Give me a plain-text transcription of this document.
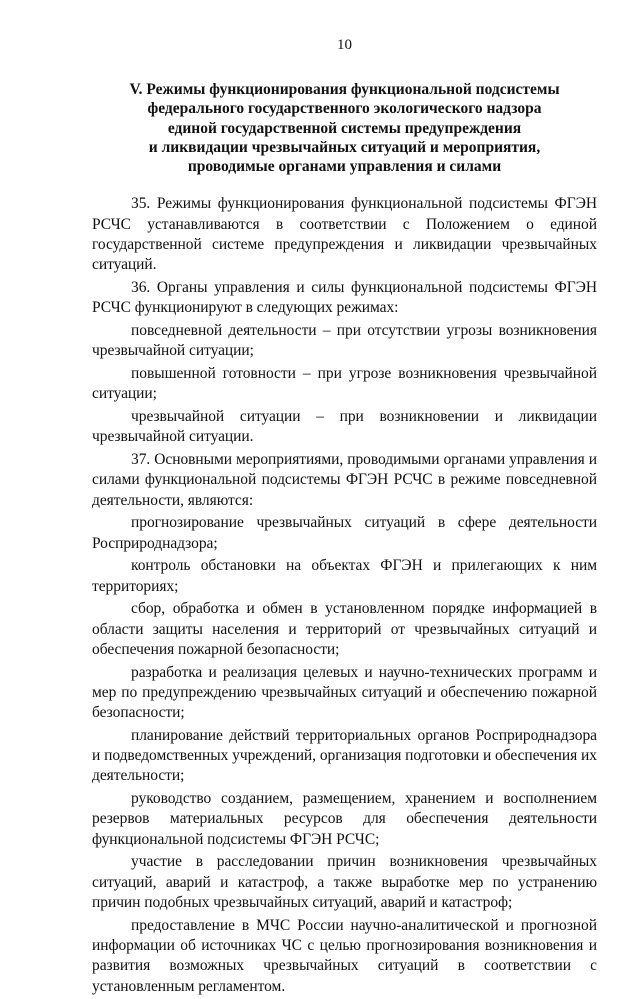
10
V. Режимы функционирования функциональной подсистемы
федерального государственного экологического надзора
единой государственной системы предупреждения
и ликвидации чрезвычайных ситуаций и мероприятия,
проводимые органами управления и силами

35. Режимы функционирования функциональной подсистемы ФГЭН РСЧС устанавливаются в соответствии с Положением о единой государственной системе предупреждения и ликвидации чрезвычайных ситуаций.

36. Органы управления и силы функциональной подсистемы ФГЭН РСЧС функционируют в следующих режимах:

повседневной деятельности – при отсутствии угрозы возникновения чрезвычайной ситуации;

повышенной готовности – при угрозе возникновения чрезвычайной ситуации;

чрезвычайной ситуации – при возникновении и ликвидации чрезвычайной ситуации.

37. Основными мероприятиями, проводимыми органами управления и силами функциональной подсистемы ФГЭН РСЧС в режиме повседневной деятельности, являются:

прогнозирование чрезвычайных ситуаций в сфере деятельности Росприроднадзора;

контроль обстановки на объектах ФГЭН и прилегающих к ним территориях;

сбор, обработка и обмен в установленном порядке информацией в области защиты населения и территорий от чрезвычайных ситуаций и обеспечения пожарной безопасности;

разработка и реализация целевых и научно-технических программ и мер по предупреждению чрезвычайных ситуаций и обеспечению пожарной безопасности;

планирование действий территориальных органов Росприроднадзора и подведомственных учреждений, организация подготовки и обеспечения их деятельности;

руководство созданием, размещением, хранением и восполнением резервов материальных ресурсов для обеспечения деятельности функциональной подсистемы ФГЭН РСЧС;

участие в расследовании причин возникновения чрезвычайных ситуаций, аварий и катастроф, а также выработке мер по устранению причин подобных чрезвычайных ситуаций, аварий и катастроф;

предоставление в МЧС России научно-аналитической и прогнозной информации об источниках ЧС с целью прогнозирования возникновения и развития возможных чрезвычайных ситуаций в соответствии с установленным регламентом.
